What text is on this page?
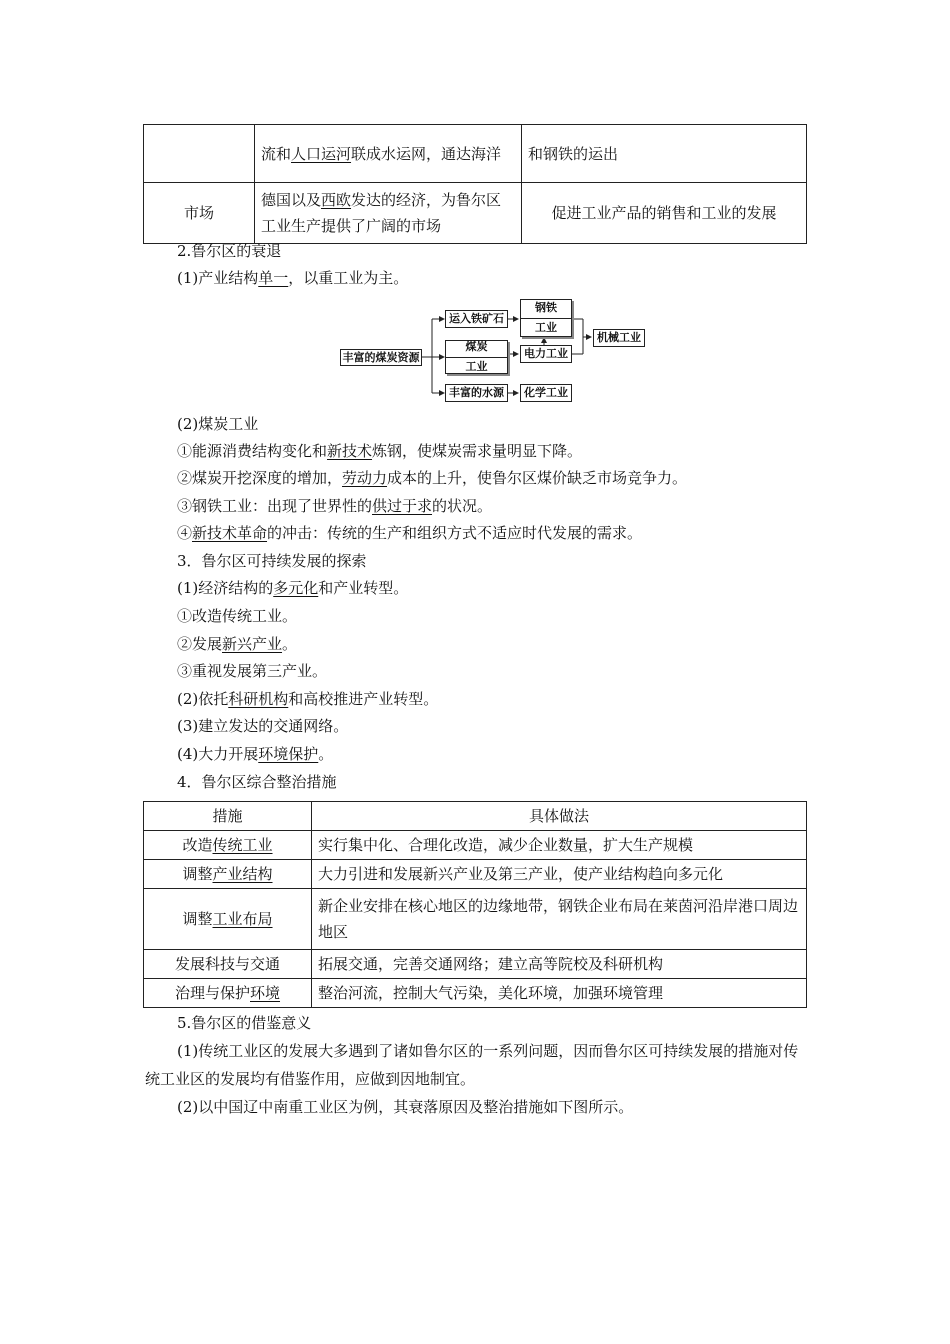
	流和人口运河联成水运网，通达海洋	和钢铁的运出
市场	德国以及西欧发达的经济，为鲁尔区工业生产提供了广阔的市场	促进工业产品的销售和工业的发展
2.鲁尔区的衰退
(1)产业结构单一，以重工业为主。
丰富的煤炭资源
运入铁矿石
煤炭
工业
丰富的水源
钢铁
工业
电力工业
化学工业
机械工业
(2)煤炭工业
①能源消费结构变化和新技术炼钢，使煤炭需求量明显下降。
②煤炭开挖深度的增加，劳动力成本的上升，使鲁尔区煤价缺乏市场竞争力。
③钢铁工业：出现了世界性的供过于求的状况。
④新技术革命的冲击：传统的生产和组织方式不适应时代发展的需求。
3．鲁尔区可持续发展的探索
(1)经济结构的多元化和产业转型。
①改造传统工业。
②发展新兴产业。
③重视发展第三产业。
(2)依托科研机构和高校推进产业转型。
(3)建立发达的交通网络。
(4)大力开展环境保护。
4．鲁尔区综合整治措施
措施	具体做法
改造传统工业	实行集中化、合理化改造，减少企业数量，扩大生产规模
调整产业结构	大力引进和发展新兴产业及第三产业，使产业结构趋向多元化
调整工业布局	新企业安排在核心地区的边缘地带，钢铁企业布局在莱茵河沿岸港口周边地区
发展科技与交通	拓展交通，完善交通网络；建立高等院校及科研机构
治理与保护环境	整治河流，控制大气污染，美化环境，加强环境管理
5.鲁尔区的借鉴意义
(1)传统工业区的发展大多遇到了诸如鲁尔区的一系列问题，因而鲁尔区可持续发展的措施对传统工业区的发展均有借鉴作用，应做到因地制宜。
(2)以中国辽中南重工业区为例，其衰落原因及整治措施如下图所示。
